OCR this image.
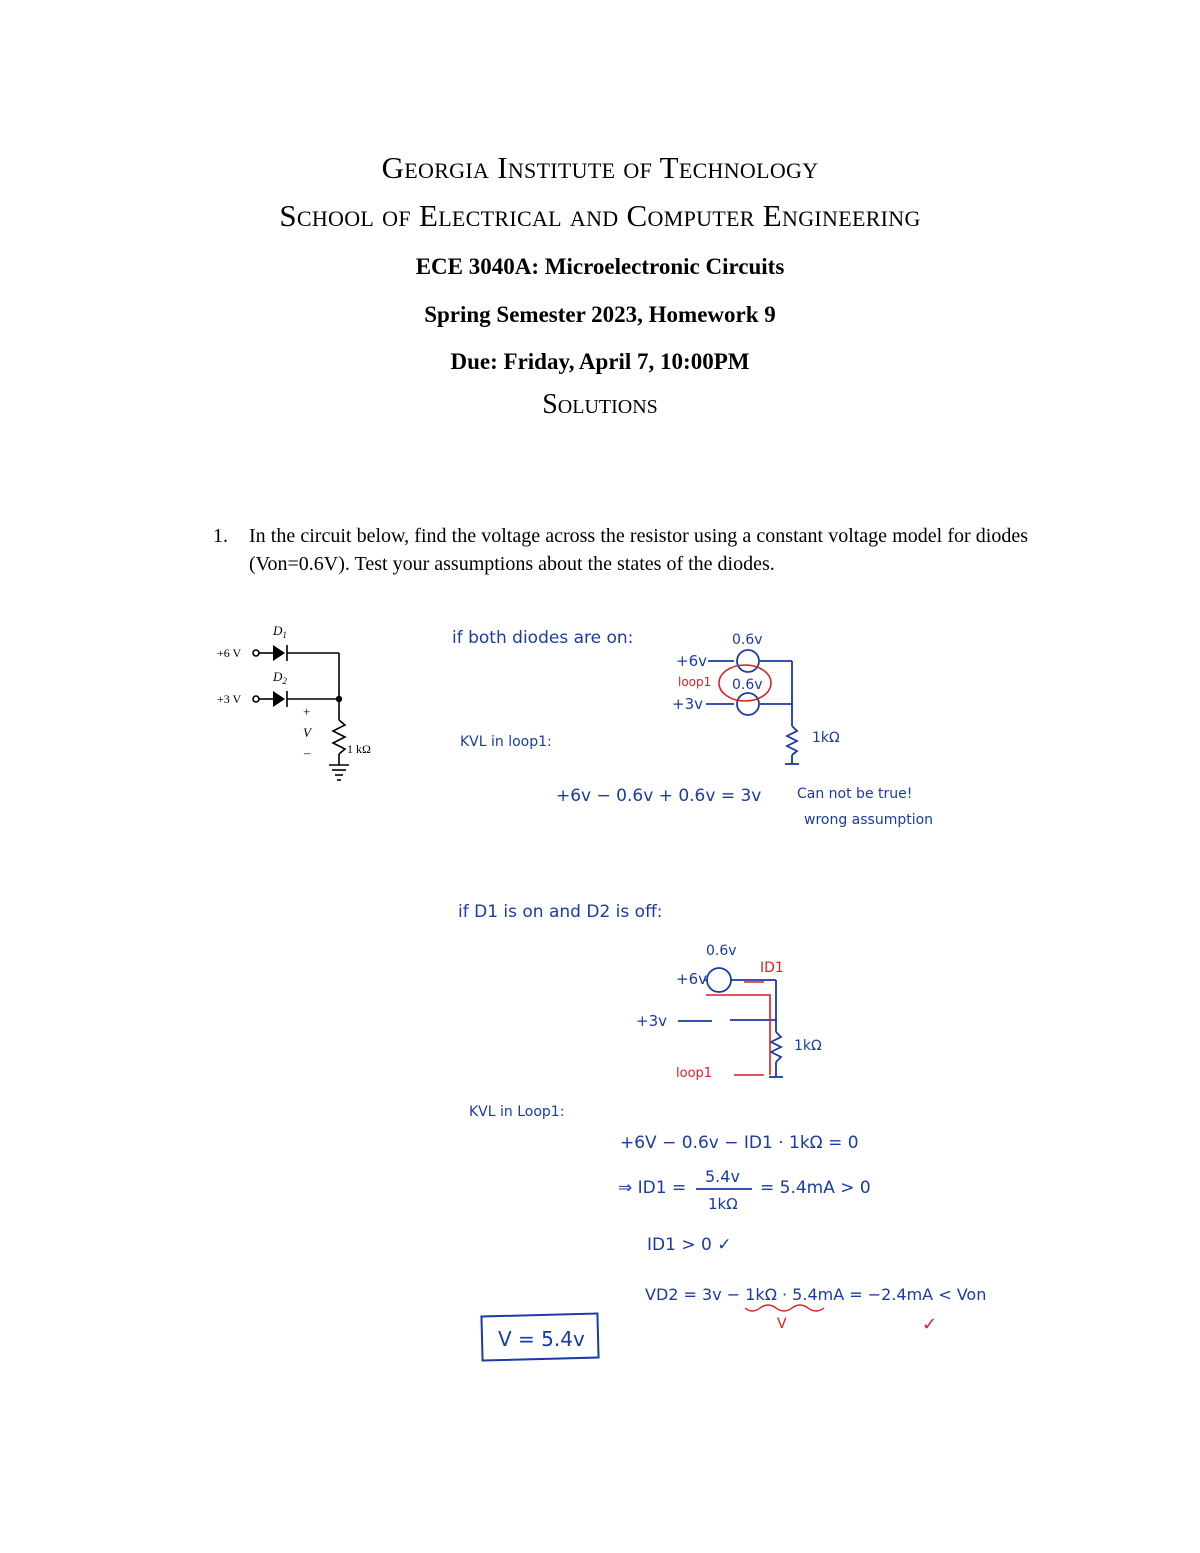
Georgia Institute of Technology
School of Electrical and Computer Engineering
ECE 3040A: Microelectronic Circuits
Spring Semester 2023, Homework 9
Due: Friday, April 7, 10:00PM
Solutions
1. In the circuit below, find the voltage across the resistor using a constant voltage model for diodes (Von=0.6V). Test your assumptions about the states of the diodes.
$D_1$
$D_2$
+6 V
+3 V
+
V
–	1 kΩ
if both diodes are on:	0.6v
+6v
loop1 0.6v
+3v
1kΩ
KVL in loop1:
+6v − 0.6v + 0.6v = 3v	Can not be true!
wrong assumption
if D1 is on and D2 is off:
0.6v
ID1
+6v
+3v
1kΩ
loop1
KVL in Loop1:
+6V − 0.6v − ID1 · 1kΩ = 0
⇒ ID1 =
5.4v
1kΩ
= 5.4mA > 0
ID1 > 0 ✓
VD2 = 3v − 1kΩ · 5.4mA = −2.4mA < Von
V	✓
V = 5.4v
